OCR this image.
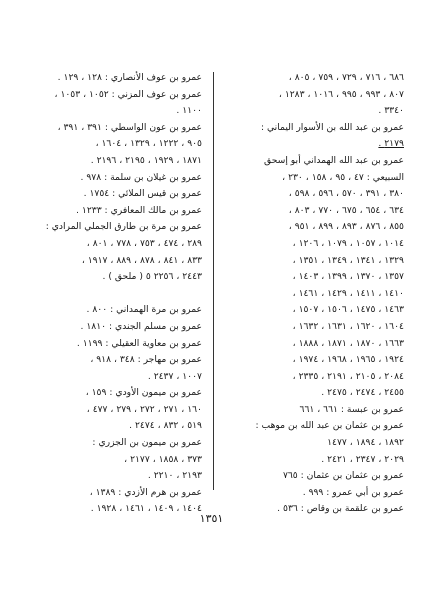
٦٨٦ ، ٧١٦ ، ٧٢٩ ، ٧٥٩ ، ٨٠٥ ،
٨٠٧ ، ٩٩٣ ، ٩٩٥ ، ١٠١٦ ، ١٢٨٣ ،
٣٣٤٠ .
عمرو بن عبد الله بن الأسوار اليماني :
٢١٧٩ .
عمرو بن عبد الله الهمداني أبو إسحق
السبيعي : ٤٧ ، ٩٥ ، ١٥٨ ، ٢٣٠ ،
٣٨٠ ، ٣٩١ ، ٥٧٠ ، ٥٩٦ ، ٥٩٨ ،
٦٣٤ ، ٦٥٤ ، ٦٧٥ ، ٧٧٠ ، ٨٠٣ ،
٨٥٥ ، ٨٧٦ ، ٨٩٣ ، ٨٩٩ ، ٩٥١ ،
١٠١٤ ، ١٠٥٧ ، ١٠٧٩ ، ١٢٠٦ ،
١٣٢٩ ، ١٣٤١ ، ١٣٤٩ ، ١٣٥١ ،
١٣٥٧ ، ١٣٧٠ ، ١٣٩٩ ، ١٤٠٣ ،
١٤١٠ ، ١٤١١ ، ١٤٢٩ ، ١٤٦١ ،
١٤٦٣ ، ١٤٧٥ ، ١٥٠٦ ، ١٥٠٧ ،
١٦٠٤ ، ١٦٢٠ ، ١٦٣١ ، ١٦٣٢ ،
١٦٦٣ ، ١٨٧٠ ، ١٨٧١ ، ١٨٨٨ ،
١٩٢٤ ، ١٩٦٥ ، ١٩٦٨ ، ١٩٧٤ ،
٢٠٨٤ ، ٢١٠٥ ، ٢١٩١ ، ٢٣٣٥ ،
٢٤٥٥ ، ٢٤٧٤ ، ٢٤٧٥ .
عمرو بن عبسة : ٦٦١ ، ٦٦١
عمرو بن عثمان بن عبد الله بن موهب :
١٨٩٢ ، ١٨٩٤ ، ١٤٧٧
٢٠٢٩ ، ٢٣٤٧ ، ٢٤٢١ .
عمرو بن عثمان بن عثمان : ٧٦٥
عمرو بن أبي عمرو : ٩٩٩ .
عمرو بن علقمة بن وقاص : ٥٣٦ .
عمرو بن عوف الأنصاري : ١٢٨ ، ١٢٩ .
عمرو بن عوف المزني : ١٠٥٢ ، ١٠٥٣ ،
١١٠٠ .
عمرو بن عون الواسطي : ٣٩١ ، ٣٩١ ،
٩٠٥ ، ١٢٢٢ ، ١٣٢٩ ، ١٦٠٤ ،
١٨٧١ ، ١٩٢٩ ، ٢١٩٥ ، ٢١٩٦ .
عمرو بن غيلان بن سلمة : ٩٧٨ .
عمرو بن قيس الملائي : ١٧٥٤ .
عمرو بن مالك المعافري : ١٢٣٣ .
عمرو بن مرة بن طارق الجملي المرادي :
٢٨٩ ، ٤٧٤ ، ٧٥٣ ، ٧٧٨ ، ٨٠١ ،
٨٣٣ ، ٨٤١ ، ٨٧٨ ، ٨٨٩ ، ١٩١٧ ،
٢٤٤٣ ، ٢٢٥٦ ٥ ( ملحق ) .

عمرو بن مرة الهمداني : ٨٠٠ .
عمرو بن مسلم الجندي : ١٨١٠ .
عمرو بن معاوية العقيلي : ١١٩٩ .
عمرو بن مهاجر : ٣٤٨ ، ٩١٨ ،
١٠٠٧ ، ٢٤٣٧ .
عمرو بن ميمون الأودي : ١٥٩ ،
١٦٠ ، ٢٧١ ، ٢٧٢ ، ٢٧٩ ، ٤٧٧ ،
٥١٩ ، ٨٣٢ ، ٢٤٧٤ .
عمرو بن ميمون بن الجزري :
٣٧٣ ، ١٨٥٨ ، ٢١٧٧ ،
٢١٩٣ ، ٢٢١٠ .
عمرو بن هرم الأزدي : ١٣٨٩ ،
١٤٠٤ ، ١٤٠٩ ، ١٤٦١ ، ١٩٢٨ .
١٣٥١
